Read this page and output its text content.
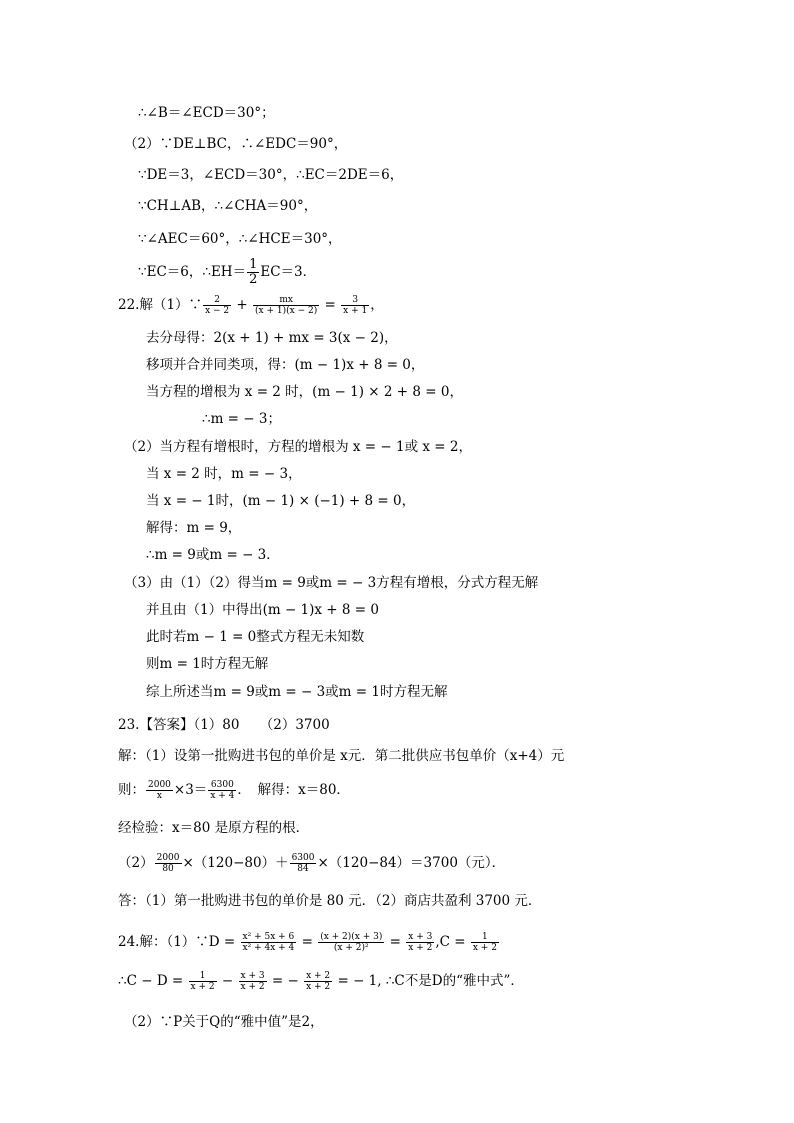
∴∠B＝∠ECD＝30°；
（2）∵DE⊥BC，∴∠EDC＝90°，
∵DE＝3，∠ECD＝30°，∴EC＝2DE＝6，
∵CH⊥AB，∴∠CHA＝90°，
∵∠AEC＝60°，∴∠HCE＝30°，
∵EC＝6，∴EH＝ $\frac{1}{2} EC=3$．
22.解（1）∵ $\frac{2}{x - 2} + \frac{mx}{(x + 1)(x - 2)} = \frac{3}{x + 1}$ ，
去分母得：2(x + 1) + mx = 3(x − 2)，
移项并合并同类项，得：(m − 1)x + 8 = 0，
当方程的增根为 x = 2 时，(m − 1) × 2 + 8 = 0，
∴m = − 3；
（2）当方程有增根时，方程的增根为 x = − 1或 x = 2，
当 x = 2 时，m = − 3，
当 x = − 1时，(m − 1) × (−1) + 8 = 0，
解得：m = 9，
∴m = 9或m = − 3．
（3）由（1）（2）得当m = 9或m = − 3方程有增根，分式方程无解
并且由（1）中得出(m − 1)x + 8 = 0
此时若m − 1 = 0整式方程无未知数
则m = 1时方程无解
综上所述当m = 9或m = − 3或m = 1时方程无解
23.【答案】（1）80　　（2）3700
解：（1）设第一批购进书包的单价是 x元．第二批供应书包单价（x+4）元
则： $\frac{2000}{x} \times 3= \frac{6300}{x + 4}$ ．　解得：x＝80．
经检验：x＝80 是原方程的根．
$(2) \frac{2000}{80} \times(120-80)+ \frac{6300}{84} \times(120-84)=3700$（元）．
答：（1）第一批购进书包的单价是 80 元．（2）商店共盈利 3700 元．
24.解：（1）∵D = $\frac{\text{x² + 5x + 6}}{\text{x² + 4x + 4}} = \frac{(x + 2)(x + 3)}{\text{(x + 2)²}} = \frac{x + 3}{x + 2} ,C = \frac{1}{x + 2}$
∴C − $D = \frac{1}{x + 2} - \frac{x + 3}{x + 2}$ = − $\frac{x + 2}{x + 2}$ = − 1, ∴C不是D的“雅中式”．
（2）∵P关于Q的“雅中值”是2，
